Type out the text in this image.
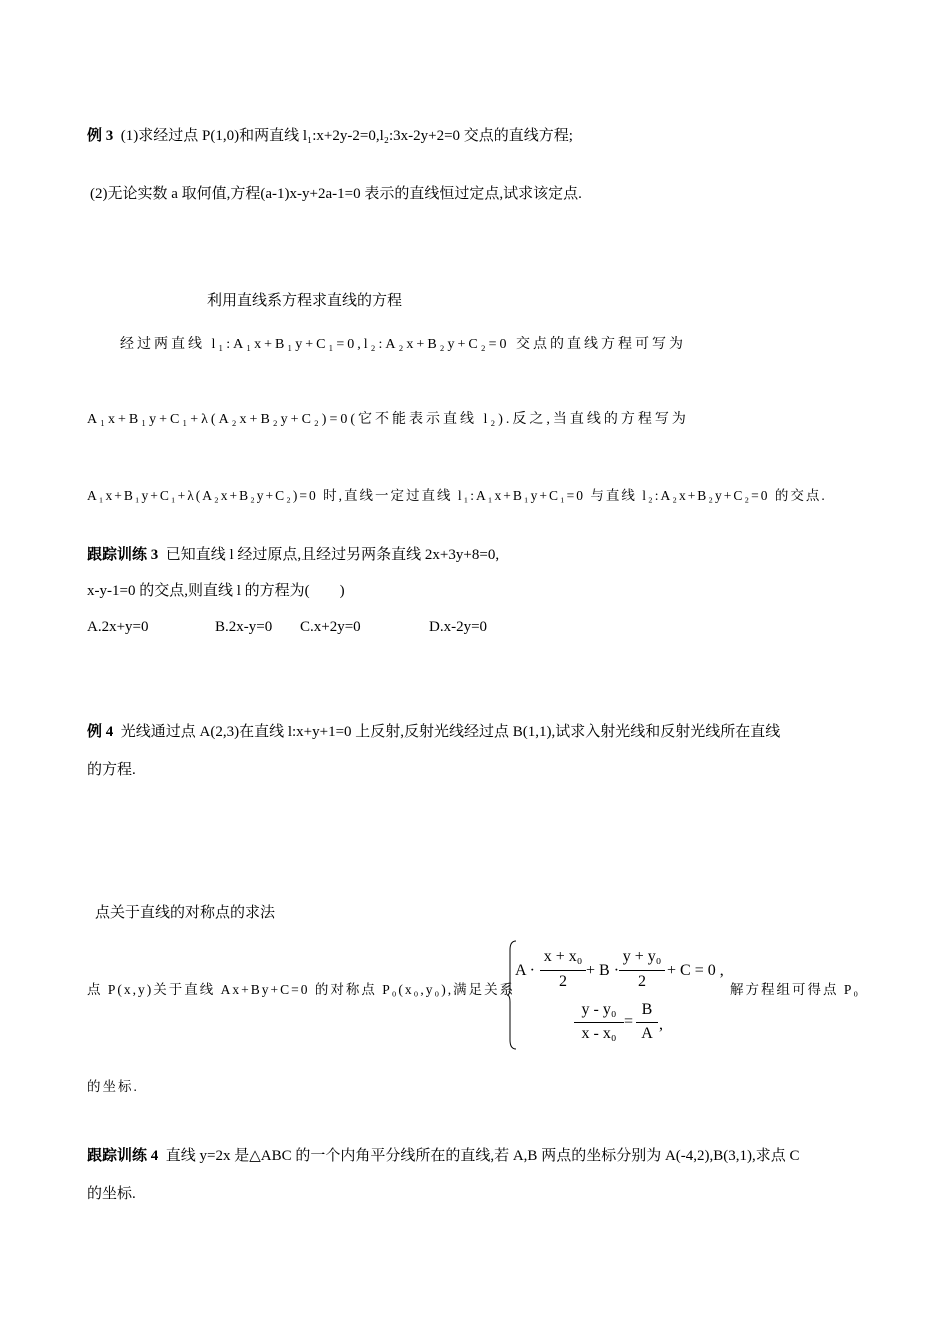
例 3 (1)求经过点 P(1,0)和两直线 l₁:x+2y-2=0,l₂:3x-2y+2=0 交点的直线方程;
(2)无论实数 a 取何值,方程(a-1)x-y+2a-1=0 表示的直线恒过定点,试求该定点.
利用直线系方程求直线的方程
经过两直线 l₁:A₁x+B₁y+C₁=0,l₂:A₂x+B₂y+C₂=0 交点的直线方程可写为
A₁x+B₁y+C₁+λ(A₂x+B₂y+C₂)=0(它不能表示直线 l₂).反之,当直线的方程写为
A₁x+B₁y+C₁+λ(A₂x+B₂y+C₂)=0 时,直线一定过直线 l₁:A₁x+B₁y+C₁=0 与直线 l₂:A₂x+B₂y+C₂=0 的交点.
跟踪训练 3 已知直线 l 经过原点,且经过另两条直线 2x+3y+8=0,
x-y-1=0 的交点,则直线 l 的方程为(　　)
A.2x+y=0	B.2x-y=0 C.x+2y=0	D.x-2y=0
例 4 光线通过点 A(2,3)在直线 l:x+y+1=0 上反射,反射光线经过点 B(1,1),试求入射光线和反射光线所在直线
的方程.
点关于直线的对称点的求法
点 P(x,y)关于直线 Ax+By+C=0 的对称点 P₀(x₀,y₀),满足关系
A ·
x + x₀
2
+ B ·
y + y₀
2
+ C = 0 ,
y - y₀
x - x₀
=
B
A
,
解方程组可得点 P₀
的坐标.
跟踪训练 4 直线 y=2x 是△ABC 的一个内角平分线所在的直线,若 A,B 两点的坐标分别为 A(-4,2),B(3,1),求点 C
的坐标.
